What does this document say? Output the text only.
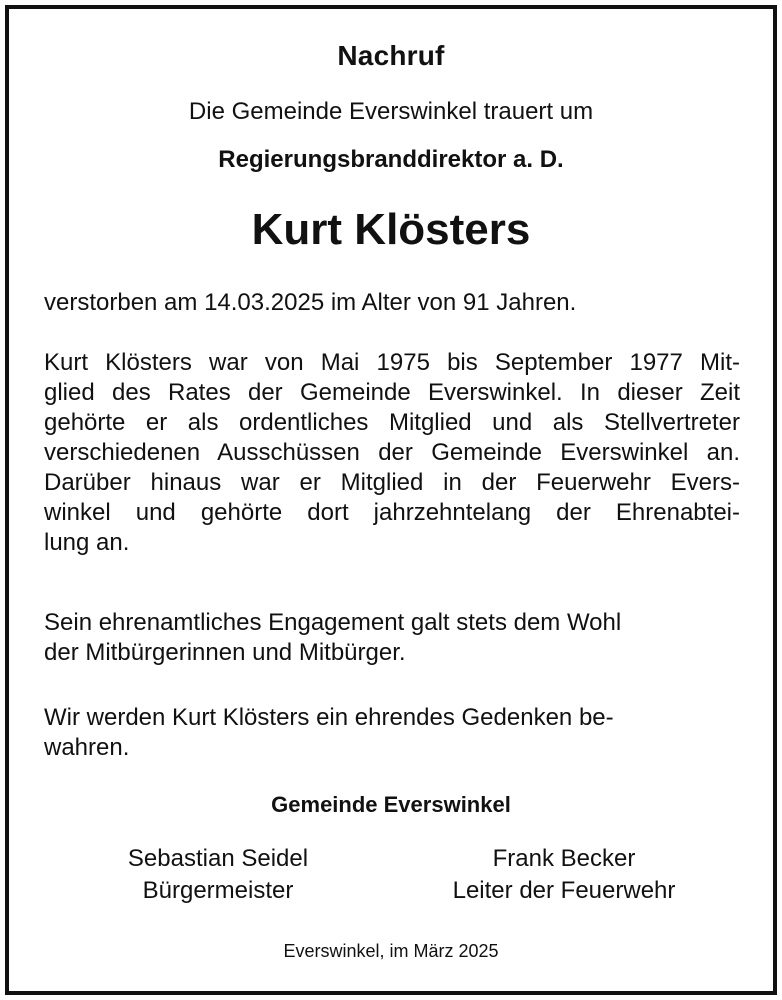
Nachruf
Die Gemeinde Everswinkel trauert um
Regierungsbranddirektor a. D.
Kurt Klösters

verstorben am 14.03.2025 im Alter von 91 Jahren.

Kurt Klösters war von Mai 1975 bis September 1977 Mit-
glied des Rates der Gemeinde Everswinkel. In dieser Zeit
gehörte er als ordentliches Mitglied und als Stellvertreter
verschiedenen Ausschüssen der Gemeinde Everswinkel an.
Darüber hinaus war er Mitglied in der Feuerwehr Evers-
winkel und gehörte dort jahrzehntelang der Ehrenabtei-
lung an.

Sein ehrenamtliches Engagement galt stets dem Wohl
der Mitbürgerinnen und Mitbürger.

Wir werden Kurt Klösters ein ehrendes Gedenken be-
wahren.

Gemeinde Everswinkel
Sebastian Seidel
Bürgermeister
Frank Becker
Leiter der Feuerwehr
Everswinkel, im März 2025
